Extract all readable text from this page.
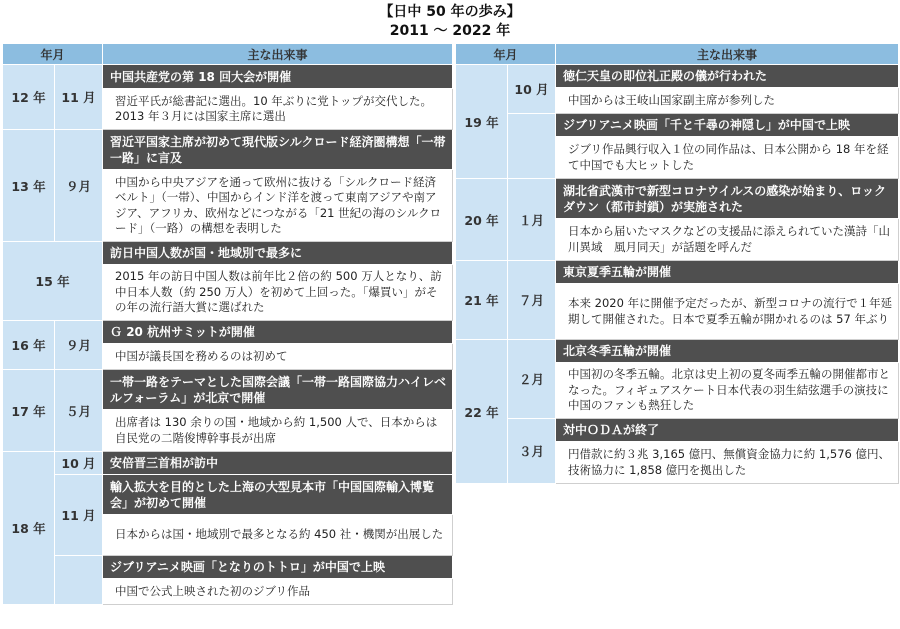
【日中 50 年の歩み】
2011 〜 2022 年
年月		主な出来事
12 年	11 月	中国共産党の第 18 回大会が開催
		習近平氏が総書記に選出。10 年ぶりに党トップが交代した。2013 年３月には国家主席に選出
13 年	９月	習近平国家主席が初めて現代版シルクロード経済圏構想「一帯一路」に言及
		中国から中央アジアを通って欧州に抜ける「シルクロード経済ベルト」（一帯）、中国からインド洋を渡って東南アジアや南アジア、アフリカ、欧州などにつながる「21 世紀の海のシルクロード」（一路）の構想を表明した
15 年		訪日中国人数が国・地域別で最多に
		2015 年の訪日中国人数は前年比２倍の約 500 万人となり、訪中日本人数（約 250 万人）を初めて上回った。「爆買い」がその年の流行語大賞に選ばれた
16 年	９月	Ｇ 20 杭州サミットが開催
		中国が議長国を務めるのは初めて
17 年	５月	一帯一路をテーマとした国際会議「一帯一路国際協力ハイレベルフォーラム」が北京で開催
		出席者は 130 余りの国・地域から約 1,500 人で、日本からは自民党の二階俊博幹事長が出席
18 年	10 月	安倍晋三首相が訪中
	11 月	輸入拡大を目的とした上海の大型見本市「中国国際輸入博覧会」が初めて開催
		日本からは国・地域別で最多となる約 450 社・機関が出展した
		ジブリアニメ映画「となりのトトロ」が中国で上映
		中国で公式上映された初のジブリ作品
年月		主な出来事
19 年	10 月	徳仁天皇の即位礼正殿の儀が行われた
		中国からは王岐山国家副主席が参列した
		ジブリアニメ映画「千と千尋の神隠し」が中国で上映
		ジブリ作品興行収入１位の同作品は、日本公開から 18 年を経て中国でも大ヒットした
20 年	１月	湖北省武漢市で新型コロナウイルスの感染が始まり、ロックダウン（都市封鎖）が実施された
		日本から届いたマスクなどの支援品に添えられていた漢詩「山川異域　風月同天」が話題を呼んだ
21 年	７月	東京夏季五輪が開催
		本来 2020 年に開催予定だったが、新型コロナの流行で１年延期して開催された。日本で夏季五輪が開かれるのは 57 年ぶり
22 年	２月	北京冬季五輪が開催
		中国初の冬季五輪。北京は史上初の夏冬両季五輪の開催都市となった。フィギュアスケート日本代表の羽生結弦選手の演技に中国のファンも熱狂した
	３月	対中ＯＤＡが終了
		円借款に約３兆 3,165 億円、無償資金協力に約 1,576 億円、技術協力に 1,858 億円を拠出した
